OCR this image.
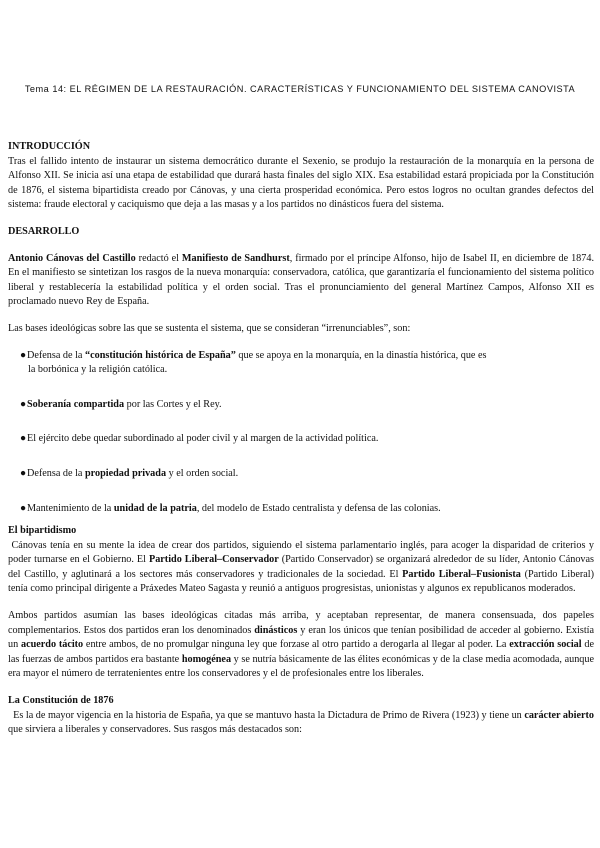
Tema 14: EL RÉGIMEN DE LA RESTAURACIÓN. CARACTERÍSTICAS Y FUNCIONAMIENTO DEL SISTEMA CANOVISTA

INTRODUCCIÓN

Tras el fallido intento de instaurar un sistema democrático durante el Sexenio, se produjo la restauración de la monarquía en la persona de Alfonso XII. Se inicia así una etapa de estabilidad que durará hasta finales del siglo XIX. Esa estabilidad estará propiciada por la Constitución de 1876, el sistema bipartidista creado por Cánovas, y una cierta prosperidad económica. Pero estos logros no ocultan grandes defectos del sistema: fraude electoral y caciquismo que deja a las masas y a los partidos no dinásticos fuera del sistema.

DESARROLLO

Antonio Cánovas del Castillo redactó el Manifiesto de Sandhurst, firmado por el príncipe Alfonso, hijo de Isabel II, en diciembre de 1874. En el manifiesto se sintetizan los rasgos de la nueva monarquía: conservadora, católica, que garantizaría el funcionamiento del sistema político liberal y restablecería la estabilidad política y el orden social. Tras el pronunciamiento del general Martínez Campos, Alfonso XII es proclamado nuevo Rey de España.

Las bases ideológicas sobre las que se sustenta el sistema, que se consideran “irrenunciables”, son:

●Defensa de la “constitución histórica de España” que se apoya en la monarquía, en la dinastía histórica, que es

la borbónica y la religión católica.

●Soberanía compartida por las Cortes y el Rey.

●El ejército debe quedar subordinado al poder civil y al margen de la actividad política.

●Defensa de la propiedad privada y el orden social.

●Mantenimiento de la unidad de la patria, del modelo de Estado centralista y defensa de las colonias.

El bipartidismo

Cánovas tenía en su mente la idea de crear dos partidos, siguiendo el sistema parlamentario inglés, para acoger la disparidad de criterios y poder turnarse en el Gobierno. El Partido Liberal–Conservador (Partido Conservador) se organizará alrededor de su líder, Antonio Cánovas del Castillo, y aglutinará a los sectores más conservadores y tradicionales de la sociedad. El Partido Liberal–Fusionista (Partido Liberal) tenía como principal dirigente a Práxedes Mateo Sagasta y reunió a antiguos progresistas, unionistas y algunos ex republicanos moderados.

Ambos partidos asumían las bases ideológicas citadas más arriba, y aceptaban representar, de manera consensuada, dos papeles complementarios. Estos dos partidos eran los denominados dinásticos y eran los únicos que tenían posibilidad de acceder al gobierno. Existía un acuerdo tácito entre ambos, de no promulgar ninguna ley que forzase al otro partido a derogarla al llegar al poder. La extracción social de las fuerzas de ambos partidos era bastante homogénea y se nutría básicamente de las élites económicas y de la clase media acomodada, aunque era mayor el número de terratenientes entre los conservadores y el de profesionales entre los liberales.

La Constitución de 1876

Es la de mayor vigencia en la historia de España, ya que se mantuvo hasta la Dictadura de Primo de Rivera (1923) y tiene un carácter abierto que sirviera a liberales y conservadores. Sus rasgos más destacados son:
